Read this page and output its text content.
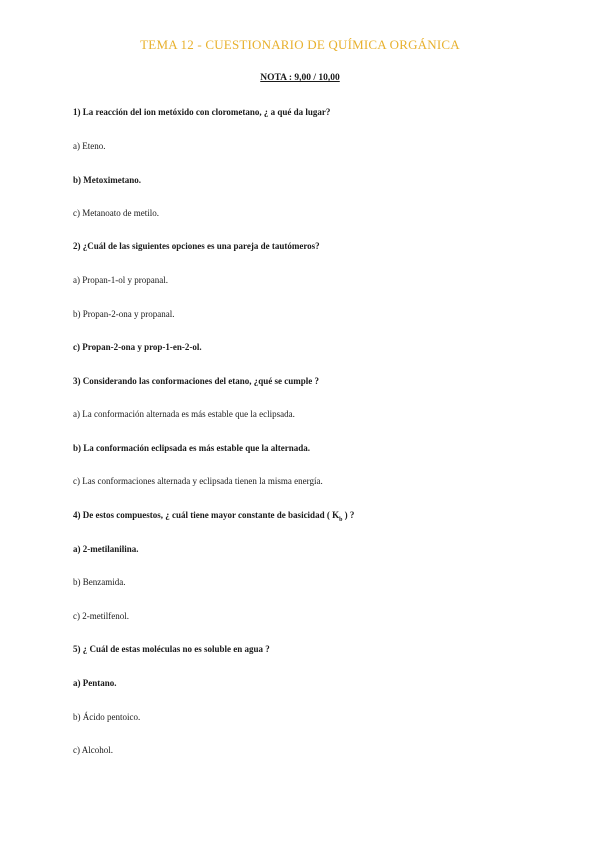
TEMA 12 - CUESTIONARIO DE QUÍMICA ORGÁNICA
NOTA : 9,00 / 10,00
1) La reacción del ion metóxido con clorometano, ¿ a qué da lugar?
a) Eteno.
b) Metoximetano.
c) Metanoato de metilo.
2) ¿Cuál de las siguientes opciones es una pareja de tautómeros?
a) Propan-1-ol y propanal.
b) Propan-2-ona y propanal.
c) Propan-2-ona y prop-1-en-2-ol.
3) Considerando las conformaciones del etano, ¿qué se cumple ?
a) La conformación alternada es más estable que la eclipsada.
b) La conformación eclipsada es más estable que la alternada.
c) Las conformaciones alternada y eclipsada tienen la misma energía.
4) De estos compuestos, ¿ cuál tiene mayor constante de basicidad ( $K_b$ ) ?
a) 2-metilanilina.
b) Benzamida.
c) 2-metilfenol.
5) ¿ Cuál de estas moléculas no es soluble en agua ?
a) Pentano.
b) Ácido pentoico.
c) Alcohol.
